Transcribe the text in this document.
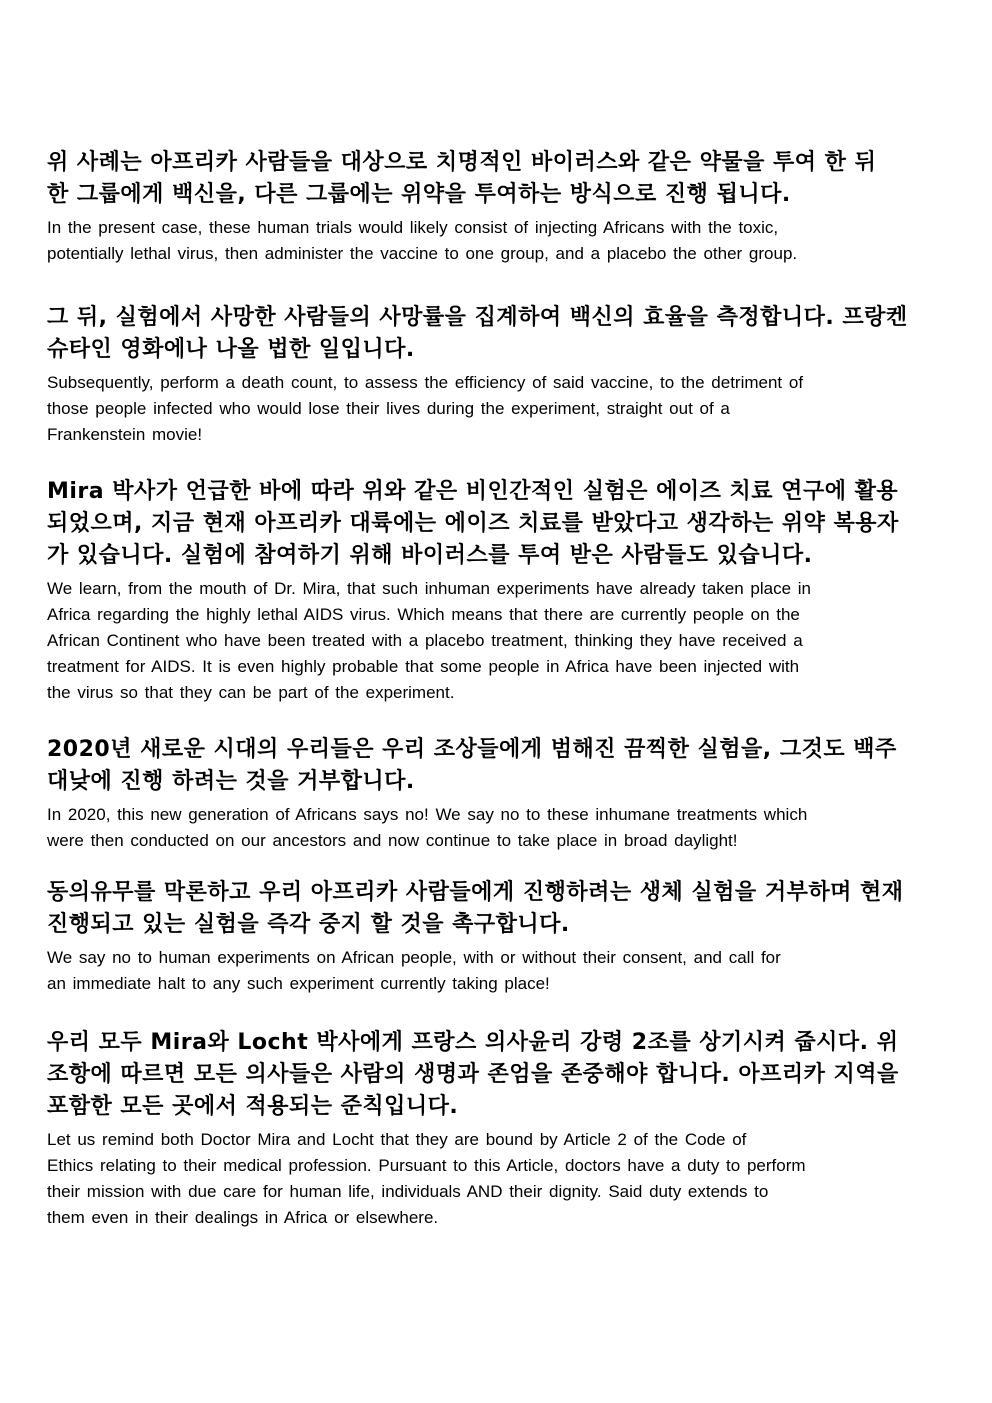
위 사례는 아프리카 사람들을 대상으로 치명적인 바이러스와 같은 약물을 투여 한 뒤
한 그룹에게 백신을, 다른 그룹에는 위약을 투여하는 방식으로 진행 됩니다.
In the present case, these human trials would likely consist of injecting Africans with the toxic,
potentially lethal virus, then administer the vaccine to one group, and a placebo the other group.
그 뒤, 실험에서 사망한 사람들의 사망률을 집계하여 백신의 효율을 측정합니다. 프랑켄
슈타인 영화에나 나올 법한 일입니다.
Subsequently, perform a death count, to assess the efficiency of said vaccine, to the detriment of
those people infected who would lose their lives during the experiment, straight out of a
Frankenstein movie!
Mira 박사가 언급한 바에 따라 위와 같은 비인간적인 실험은 에이즈 치료 연구에 활용
되었으며, 지금 현재 아프리카 대륙에는 에이즈 치료를 받았다고 생각하는 위약 복용자
가 있습니다. 실험에 참여하기 위해 바이러스를 투여 받은 사람들도 있습니다.
We learn, from the mouth of Dr. Mira, that such inhuman experiments have already taken place in
Africa regarding the highly lethal AIDS virus. Which means that there are currently people on the
African Continent who have been treated with a placebo treatment, thinking they have received a
treatment for AIDS. It is even highly probable that some people in Africa have been injected with
the virus so that they can be part of the experiment.
2020년 새로운 시대의 우리들은 우리 조상들에게 범해진 끔찍한 실험을, 그것도 백주
대낮에 진행 하려는 것을 거부합니다.
In 2020, this new generation of Africans says no! We say no to these inhumane treatments which
were then conducted on our ancestors and now continue to take place in broad daylight!
동의유무를 막론하고 우리 아프리카 사람들에게 진행하려는 생체 실험을 거부하며 현재
진행되고 있는 실험을 즉각 중지 할 것을 촉구합니다.
We say no to human experiments on African people, with or without their consent, and call for
an immediate halt to any such experiment currently taking place!
우리 모두 Mira와 Locht 박사에게 프랑스 의사윤리 강령 2조를 상기시켜 줍시다. 위
조항에 따르면 모든 의사들은 사람의 생명과 존엄을 존중해야 합니다. 아프리카 지역을
포함한 모든 곳에서 적용되는 준칙입니다.
Let us remind both Doctor Mira and Locht that they are bound by Article 2 of the Code of
Ethics relating to their medical profession. Pursuant to this Article, doctors have a duty to perform
their mission with due care for human life, individuals AND their dignity. Said duty extends to
them even in their dealings in Africa or elsewhere.
